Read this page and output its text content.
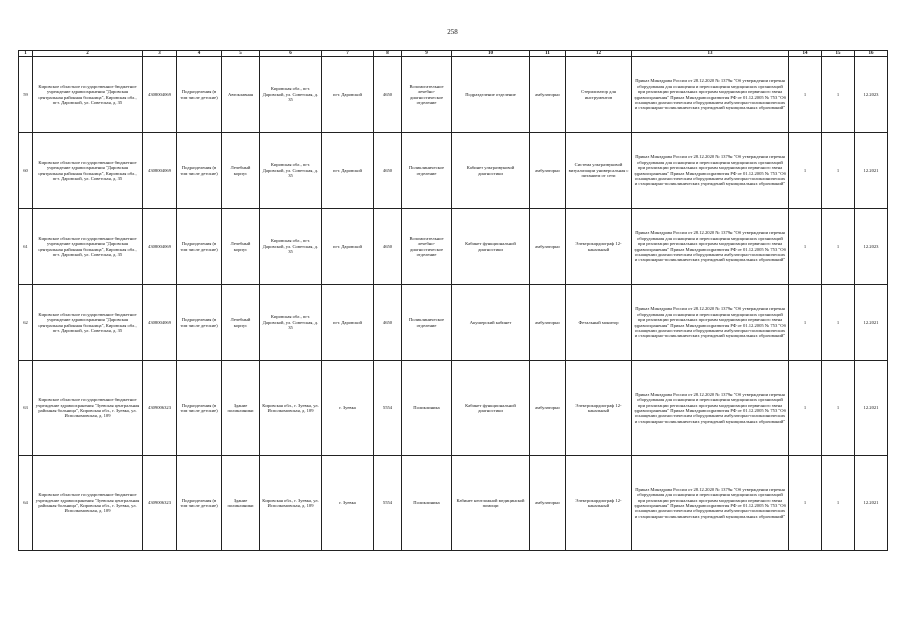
258
1	2	3	4	5	6	7	8	9	10	11	12	13	14	15	16
59	Кировское областное государственное бюджетное учреждение здравоохранения "Даровская центральная районная больница", Кировская обл., пгт. Даровской, ул. Советская, д. 35	4308004069	Подразделения (в том числе детские)	Автоклавная	Кировская обл., пгт. Даровской, ул. Советская, д. 35	пгт. Даровской	4650	Вспомогательное лечебно-диагностическое отделение	Подразделение отделение	амбулаторно	Стерилизатор для инструментов	Приказ Минздрава России от 28.12.2020 № 1379н "Об утверждении перечня оборудования для оснащения и переоснащения медицинских организаций при реализации региональных программ модернизации первичного звена здравоохранения" Приказ Минздравсоцразвития РФ от 01.12.2005 № 753 "Об оснащении диагностическим оборудованием амбулаторно-поликлинических и стационарно-поликлинических учреждений муниципальных образований"	1	1	12.2023
60	Кировское областное государственное бюджетное учреждение здравоохранения "Даровская центральная районная больница", Кировская обл., пгт. Даровской, ул. Советская, д. 35	4308004069	Подразделения (в том числе детские)	Лечебный корпус	Кировская обл., пгт. Даровской, ул. Советская, д. 35	пгт. Даровской	4650	Поликлиническое отделение	Кабинет ультразвуковой диагностики	амбулаторно	Система ультразвуковой визуализации универсальная с питанием от сети	Приказ Минздрава России от 28.12.2020 № 1379н "Об утверждении перечня оборудования для оснащения и переоснащения медицинских организаций при реализации региональных программ модернизации первичного звена здравоохранения" Приказ Минздравсоцразвития РФ от 01.12.2005 № 753 "Об оснащении диагностическим оборудованием амбулаторно-поликлинических и стационарно-поликлинических учреждений муниципальных образований"	1	1	12.2021
61	Кировское областное государственное бюджетное учреждение здравоохранения "Даровская центральная районная больница", Кировская обл., пгт. Даровской, ул. Советская, д. 35	4308004069	Подразделения (в том числе детские)	Лечебный корпус	Кировская обл., пгт. Даровской, ул. Советская, д. 35	пгт. Даровской	4650	Вспомогательное лечебно-диагностическое отделение	Кабинет функциональной диагностики	амбулаторно	Электрокардиограф 12-канальный	Приказ Минздрава России от 28.12.2020 № 1379н "Об утверждении перечня оборудования для оснащения и переоснащения медицинских организаций при реализации региональных программ модернизации первичного звена здравоохранения" Приказ Минздравсоцразвития РФ от 01.12.2005 № 753 "Об оснащении диагностическим оборудованием амбулаторно-поликлинических и стационарно-поликлинических учреждений муниципальных образований"	1	1	12.2023
62	Кировское областное государственное бюджетное учреждение здравоохранения "Даровская центральная районная больница", Кировская обл., пгт. Даровской, ул. Советская, д. 35	4308004069	Подразделения (в том числе детские)	Лечебный корпус	Кировская обл., пгт. Даровской, ул. Советская, д. 35	пгт. Даровской	4650	Поликлиническое отделение	Акушерский кабинет	амбулаторно	Фетальный монитор	Приказ Минздрава России от 28.12.2020 № 1379н "Об утверждении перечня оборудования для оснащения и переоснащения медицинских организаций при реализации региональных программ модернизации первичного звена здравоохранения" Приказ Минздравсоцразвития РФ от 01.12.2005 № 753 "Об оснащении диагностическим оборудованием амбулаторно-поликлинических и стационарно-поликлинических учреждений муниципальных образований"	1	1	12.2021
63	Кировское областное государственное бюджетное учреждение здравоохранения "Зуевская центральная районная больница", Кировская обл., г. Зуевка, ул. Исполкомовская, д. 109	4309006323	Подразделения (в том числе детские)	Здание поликлиники	Кировская обл., г. Зуевка, ул. Исполкомовская, д. 109	г. Зуевка	5554	Поликлиника	Кабинет функциональной диагностики	амбулаторно	Электрокардиограф 12-канальный	Приказ Минздрава России от 28.12.2020 № 1379н "Об утверждении перечня оборудования для оснащения и переоснащения медицинских организаций при реализации региональных программ модернизации первичного звена здравоохранения" Приказ Минздравсоцразвития РФ от 01.12.2005 № 753 "Об оснащении диагностическим оборудованием амбулаторно-поликлинических и стационарно-поликлинических учреждений муниципальных образований"	1	1	12.2021
64	Кировское областное государственное бюджетное учреждение здравоохранения "Зуевская центральная районная больница", Кировская обл., г. Зуевка, ул. Исполкомовская, д. 109	4309006323	Подразделения (в том числе детские)	Здание поликлиники	Кировская обл., г. Зуевка, ул. Исполкомовская, д. 109	г. Зуевка	5554	Поликлиника	Кабинет неотложной медицинской помощи	амбулаторно	Электрокардиограф 12-канальный	Приказ Минздрава России от 28.12.2020 № 1379н "Об утверждении перечня оборудования для оснащения и переоснащения медицинских организаций при реализации региональных программ модернизации первичного звена здравоохранения" Приказ Минздравсоцразвития РФ от 01.12.2005 № 753 "Об оснащении диагностическим оборудованием амбулаторно-поликлинических и стационарно-поликлинических учреждений муниципальных образований"	1	1	12.2021
